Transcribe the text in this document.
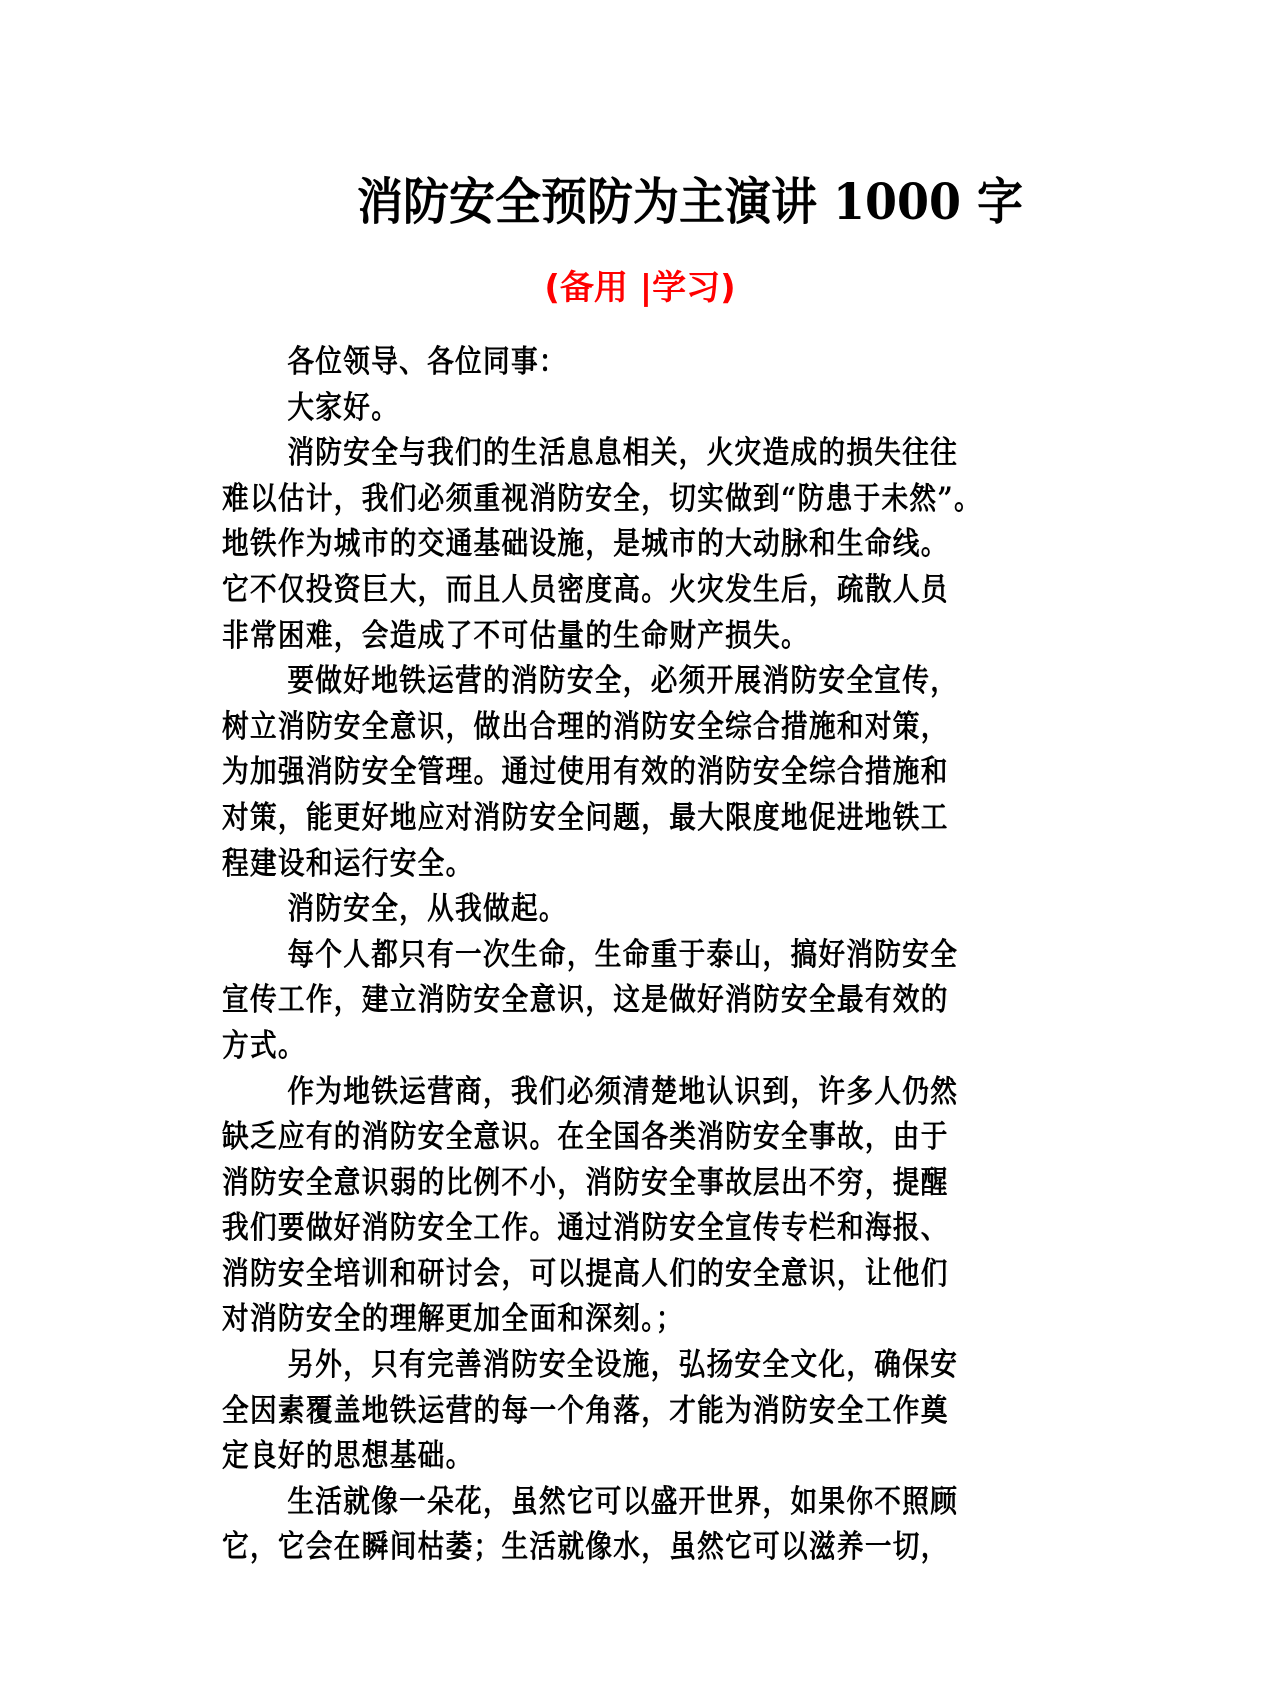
消防安全预防为主演讲 1000 字
(备用 |学习)
各位领导、各位同事：
大家好。
消防安全与我们的生活息息相关，火灾造成的损失往往
难以估计，我们必须重视消防安全，切实做到“防患于未然”。
地铁作为城市的交通基础设施，是城市的大动脉和生命线。
它不仅投资巨大，而且人员密度高。火灾发生后，疏散人员
非常困难，会造成了不可估量的生命财产损失。
要做好地铁运营的消防安全，必须开展消防安全宣传，
树立消防安全意识，做出合理的消防安全综合措施和对策，
为加强消防安全管理。通过使用有效的消防安全综合措施和
对策，能更好地应对消防安全问题，最大限度地促进地铁工
程建设和运行安全。
消防安全，从我做起。
每个人都只有一次生命，生命重于泰山，搞好消防安全
宣传工作，建立消防安全意识，这是做好消防安全最有效的
方式。
作为地铁运营商，我们必须清楚地认识到，许多人仍然
缺乏应有的消防安全意识。在全国各类消防安全事故，由于
消防安全意识弱的比例不小，消防安全事故层出不穷，提醒
我们要做好消防安全工作。通过消防安全宣传专栏和海报、
消防安全培训和研讨会，可以提高人们的安全意识，让他们
对消防安全的理解更加全面和深刻。；
另外，只有完善消防安全设施，弘扬安全文化，确保安
全因素覆盖地铁运营的每一个角落，才能为消防安全工作奠
定良好的思想基础。
生活就像一朵花，虽然它可以盛开世界，如果你不照顾
它，它会在瞬间枯萎；生活就像水，虽然它可以滋养一切，
